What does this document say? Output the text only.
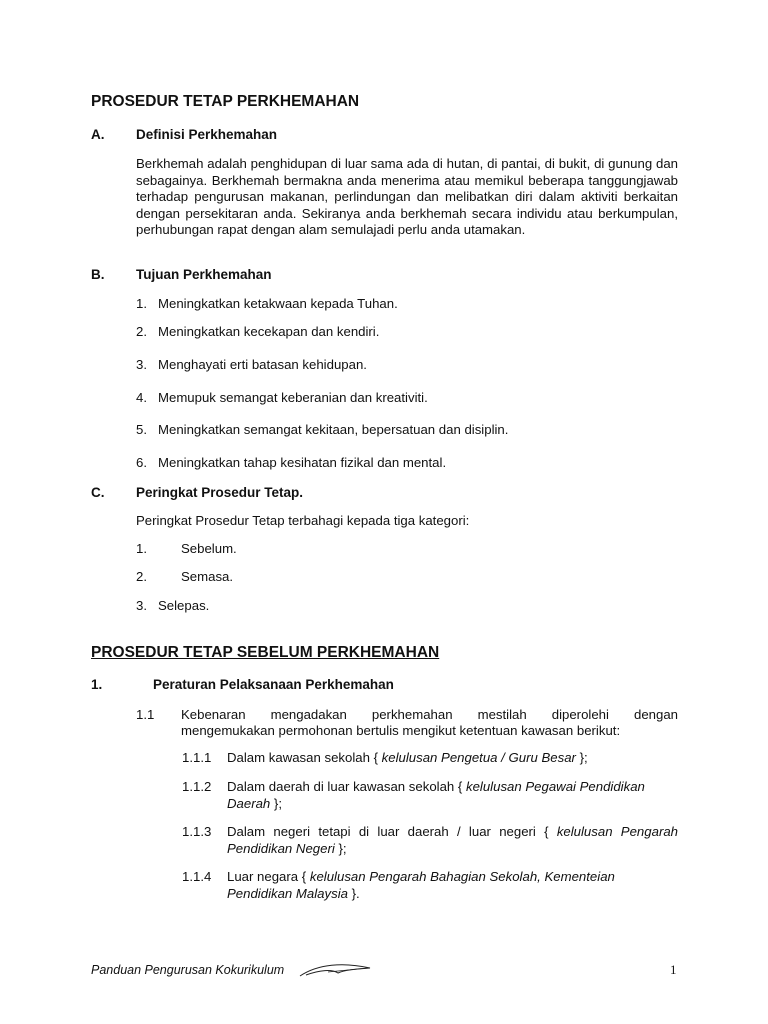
PROSEDUR TETAP PERKHEMAHAN
A. Definisi Perkhemahan
Berkhemah adalah penghidupan di luar sama ada di hutan, di pantai, di bukit, di gunung dan sebagainya. Berkhemah bermakna anda menerima atau memikul beberapa tanggungjawab terhadap pengurusan makanan, perlindungan dan melibatkan diri dalam aktiviti berkaitan dengan persekitaran anda. Sekiranya anda berkhemah secara individu atau berkumpulan, perhubungan rapat dengan alam semulajadi perlu anda utamakan.
B. Tujuan Perkhemahan
1. Meningkatkan ketakwaan kepada Tuhan.
2. Meningkatkan kecekapan dan kendiri.
3. Menghayati erti batasan kehidupan.
4. Memupuk semangat keberanian dan kreativiti.
5. Meningkatkan semangat kekitaan, bepersatuan dan disiplin.
6. Meningkatkan tahap kesihatan fizikal dan mental.
C. Peringkat Prosedur Tetap.
Peringkat Prosedur Tetap terbahagi kepada tiga kategori:
1.	Sebelum.
2.	Semasa.
3. Selepas.
PROSEDUR TETAP SEBELUM PERKHEMAHAN
1.	Peraturan Pelaksanaan Perkhemahan
1.1 Kebenaran mengadakan perkhemahan mestilah diperolehi dengan
mengemukakan permohonan bertulis mengikut ketentuan kawasan berikut:
1.1.1 Dalam kawasan sekolah { kelulusan Pengetua / Guru Besar };
1.1.2 Dalam daerah di luar kawasan sekolah { kelulusan Pegawai Pendidikan Daerah };
1.1.3 Dalam negeri tetapi di luar daerah / luar negeri { kelulusan Pengarah Pendidikan Negeri };
1.1.4 Luar negara { kelulusan Pengarah Bahagian Sekolah, Kementeian Pendidikan Malaysia }.
Panduan Pengurusan Kokurikulum	1
